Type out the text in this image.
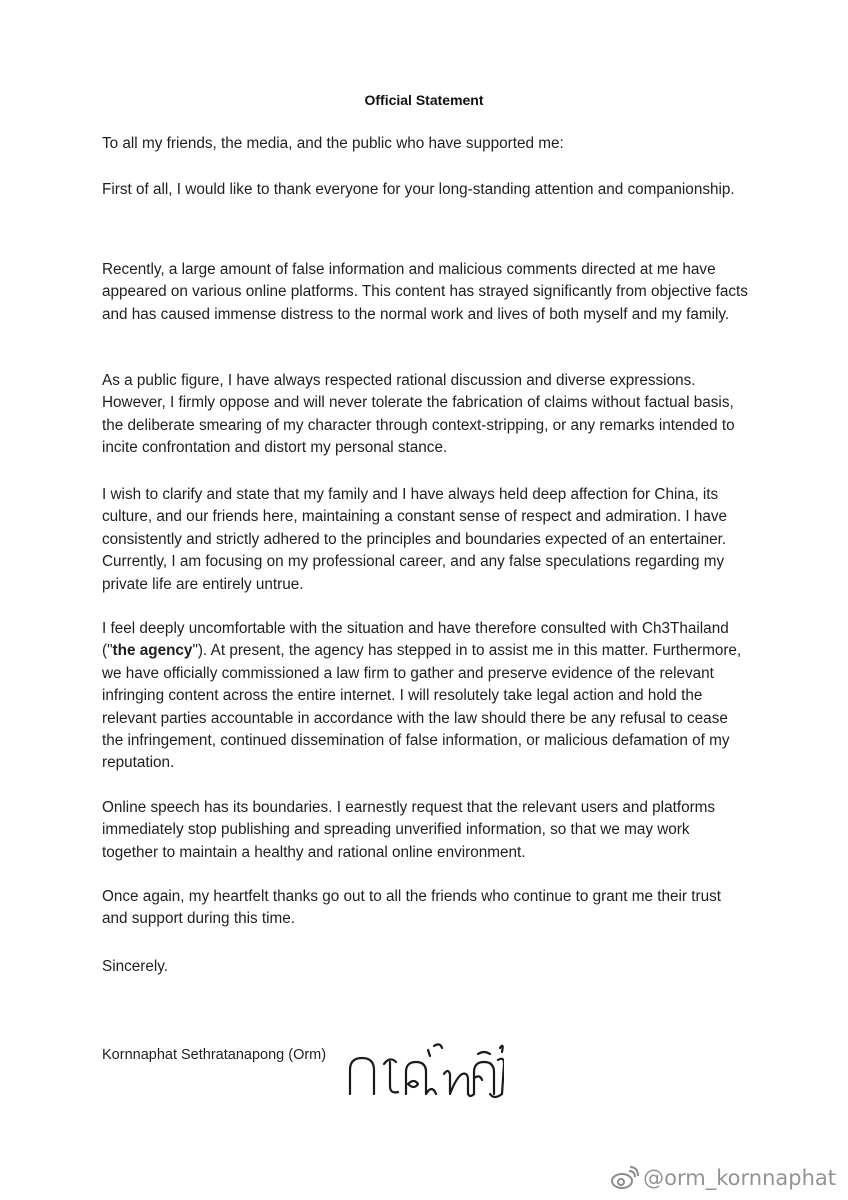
Official Statement

To all my friends, the media, and the public who have supported me:

First of all, I would like to thank everyone for your long-standing attention and companionship.

Recently, a large amount of false information and malicious comments directed at me have appeared on various online platforms. This content has strayed significantly from objective facts and has caused immense distress to the normal work and lives of both myself and my family.

As a public figure, I have always respected rational discussion and diverse expressions. However, I firmly oppose and will never tolerate the fabrication of claims without factual basis, the deliberate smearing of my character through context-stripping, or any remarks intended to incite confrontation and distort my personal stance.

I wish to clarify and state that my family and I have always held deep affection for China, its culture, and our friends here, maintaining a constant sense of respect and admiration. I have consistently and strictly adhered to the principles and boundaries expected of an entertainer. Currently, I am focusing on my professional career, and any false speculations regarding my private life are entirely untrue.

I feel deeply uncomfortable with the situation and have therefore consulted with Ch3Thailand ("the agency"). At present, the agency has stepped in to assist me in this matter. Furthermore, we have officially commissioned a law firm to gather and preserve evidence of the relevant infringing content across the entire internet. I will resolutely take legal action and hold the relevant parties accountable in accordance with the law should there be any refusal to cease the infringement, continued dissemination of false information, or malicious defamation of my reputation.

Online speech has its boundaries. I earnestly request that the relevant users and platforms immediately stop publishing and spreading unverified information, so that we may work together to maintain a healthy and rational online environment.

Once again, my heartfelt thanks go out to all the friends who continue to grant me their trust and support during this time.

Sincerely.

Kornnaphat Sethratanapong (Orm)
@orm_kornnaphat
